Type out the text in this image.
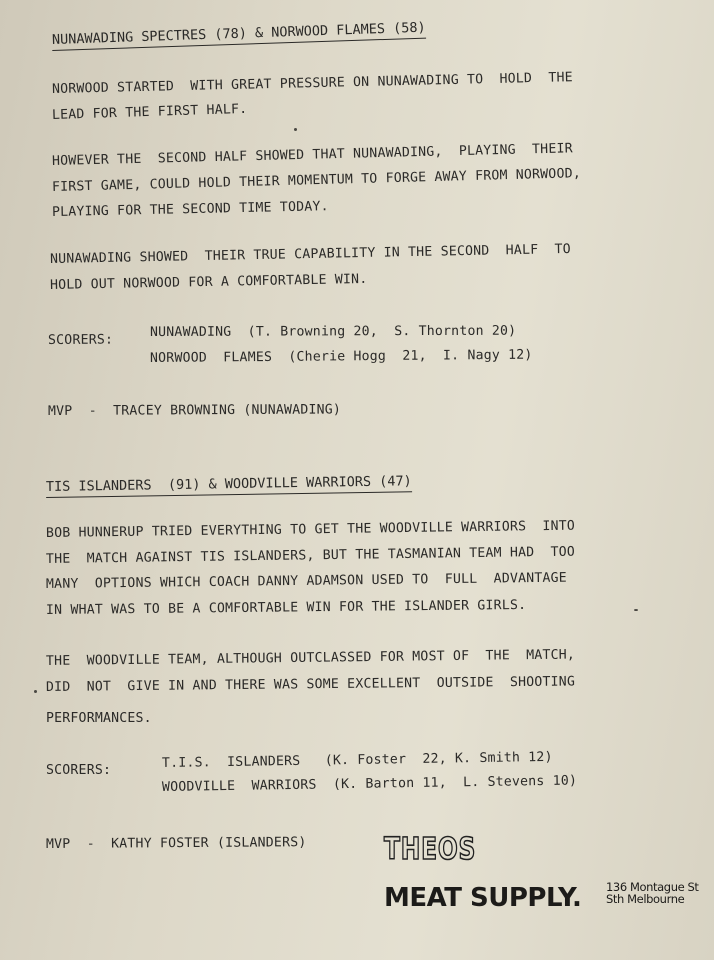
NUNAWADING SPECTRES (78) & NORWOOD FLAMES (58)
NORWOOD STARTED  WITH GREAT PRESSURE ON NUNAWADING TO  HOLD  THE
LEAD FOR THE FIRST HALF.
HOWEVER THE  SECOND HALF SHOWED THAT NUNAWADING,  PLAYING  THEIR
FIRST GAME, COULD HOLD THEIR MOMENTUM TO FORGE AWAY FROM NORWOOD,
PLAYING FOR THE SECOND TIME TODAY.
NUNAWADING SHOWED  THEIR TRUE CAPABILITY IN THE SECOND  HALF  TO
HOLD OUT NORWOOD FOR A COMFORTABLE WIN.
SCORERS:
NUNAWADING  (T. Browning 20,  S. Thornton 20)
NORWOOD  FLAMES  (Cherie Hogg  21,  I. Nagy 12)
MVP  -  TRACEY BROWNING (NUNAWADING)
TIS ISLANDERS  (91) & WOODVILLE WARRIORS (47)
BOB HUNNERUP TRIED EVERYTHING TO GET THE WOODVILLE WARRIORS  INTO
THE  MATCH AGAINST TIS ISLANDERS, BUT THE TASMANIAN TEAM HAD  TOO
MANY  OPTIONS WHICH COACH DANNY ADAMSON USED TO  FULL  ADVANTAGE
IN WHAT WAS TO BE A COMFORTABLE WIN FOR THE ISLANDER GIRLS.
THE  WOODVILLE TEAM, ALTHOUGH OUTCLASSED FOR MOST OF  THE  MATCH,
DID  NOT  GIVE IN AND THERE WAS SOME EXCELLENT  OUTSIDE  SHOOTING
PERFORMANCES.
SCORERS:	T.I.S.  ISLANDERS   (K. Foster  22, K. Smith 12)
WOODVILLE  WARRIORS  (K. Barton 11,  L. Stevens 10)
MVP  -  KATHY FOSTER (ISLANDERS)	THEOS
MEAT SUPPLY. 136 Montague St
Sth Melbourne
